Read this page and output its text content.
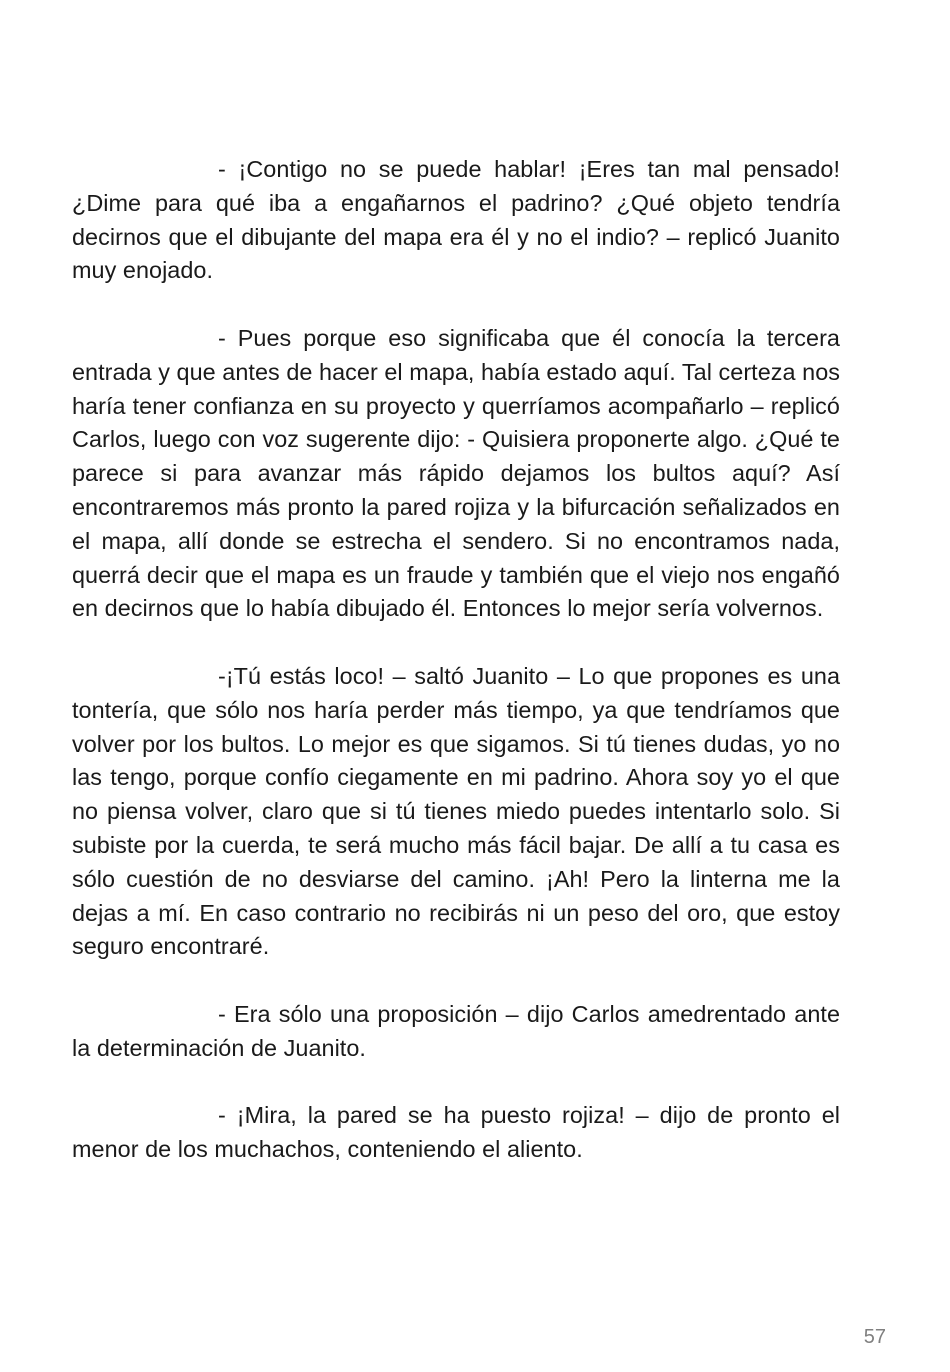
- ¡Contigo no se puede hablar! ¡Eres tan mal pensado! ¿Dime para qué iba a engañarnos el padrino? ¿Qué objeto tendría decirnos que el dibujante del mapa era él y no el indio? – replicó Juanito muy enojado.

- Pues porque eso significaba que él conocía la tercera entrada y que antes de hacer el mapa, había estado aquí. Tal certeza nos haría tener confianza en su proyecto y querríamos acompañarlo – replicó Carlos, luego con voz sugerente dijo: - Quisiera proponerte algo. ¿Qué te parece si para avanzar más rápido dejamos los bultos aquí? Así encontraremos más pronto la pared rojiza y la bifurcación señalizados en el mapa, allí donde se estrecha el sendero. Si no encontramos nada, querrá decir que el mapa es un fraude y también que el viejo nos engañó en decirnos que lo había dibujado él. Entonces lo mejor sería volvernos.

-¡Tú estás loco! – saltó Juanito – Lo que propones es una tontería, que sólo nos haría perder más tiempo, ya que tendríamos que volver por los bultos. Lo mejor es que sigamos. Si tú tienes dudas, yo no las tengo, porque confío ciegamente en mi padrino. Ahora soy yo el que no piensa volver, claro que si tú tienes miedo puedes intentarlo solo. Si subiste por la cuerda, te será mucho más fácil bajar. De allí a tu casa es sólo cuestión de no desviarse del camino. ¡Ah! Pero la linterna me la dejas a mí. En caso contrario no recibirás ni un peso del oro, que estoy seguro encontraré.

- Era sólo una proposición – dijo Carlos amedrentado ante la determinación de Juanito.

- ¡Mira, la pared se ha puesto rojiza! – dijo de pronto el menor de los muchachos, conteniendo el aliento.

57
